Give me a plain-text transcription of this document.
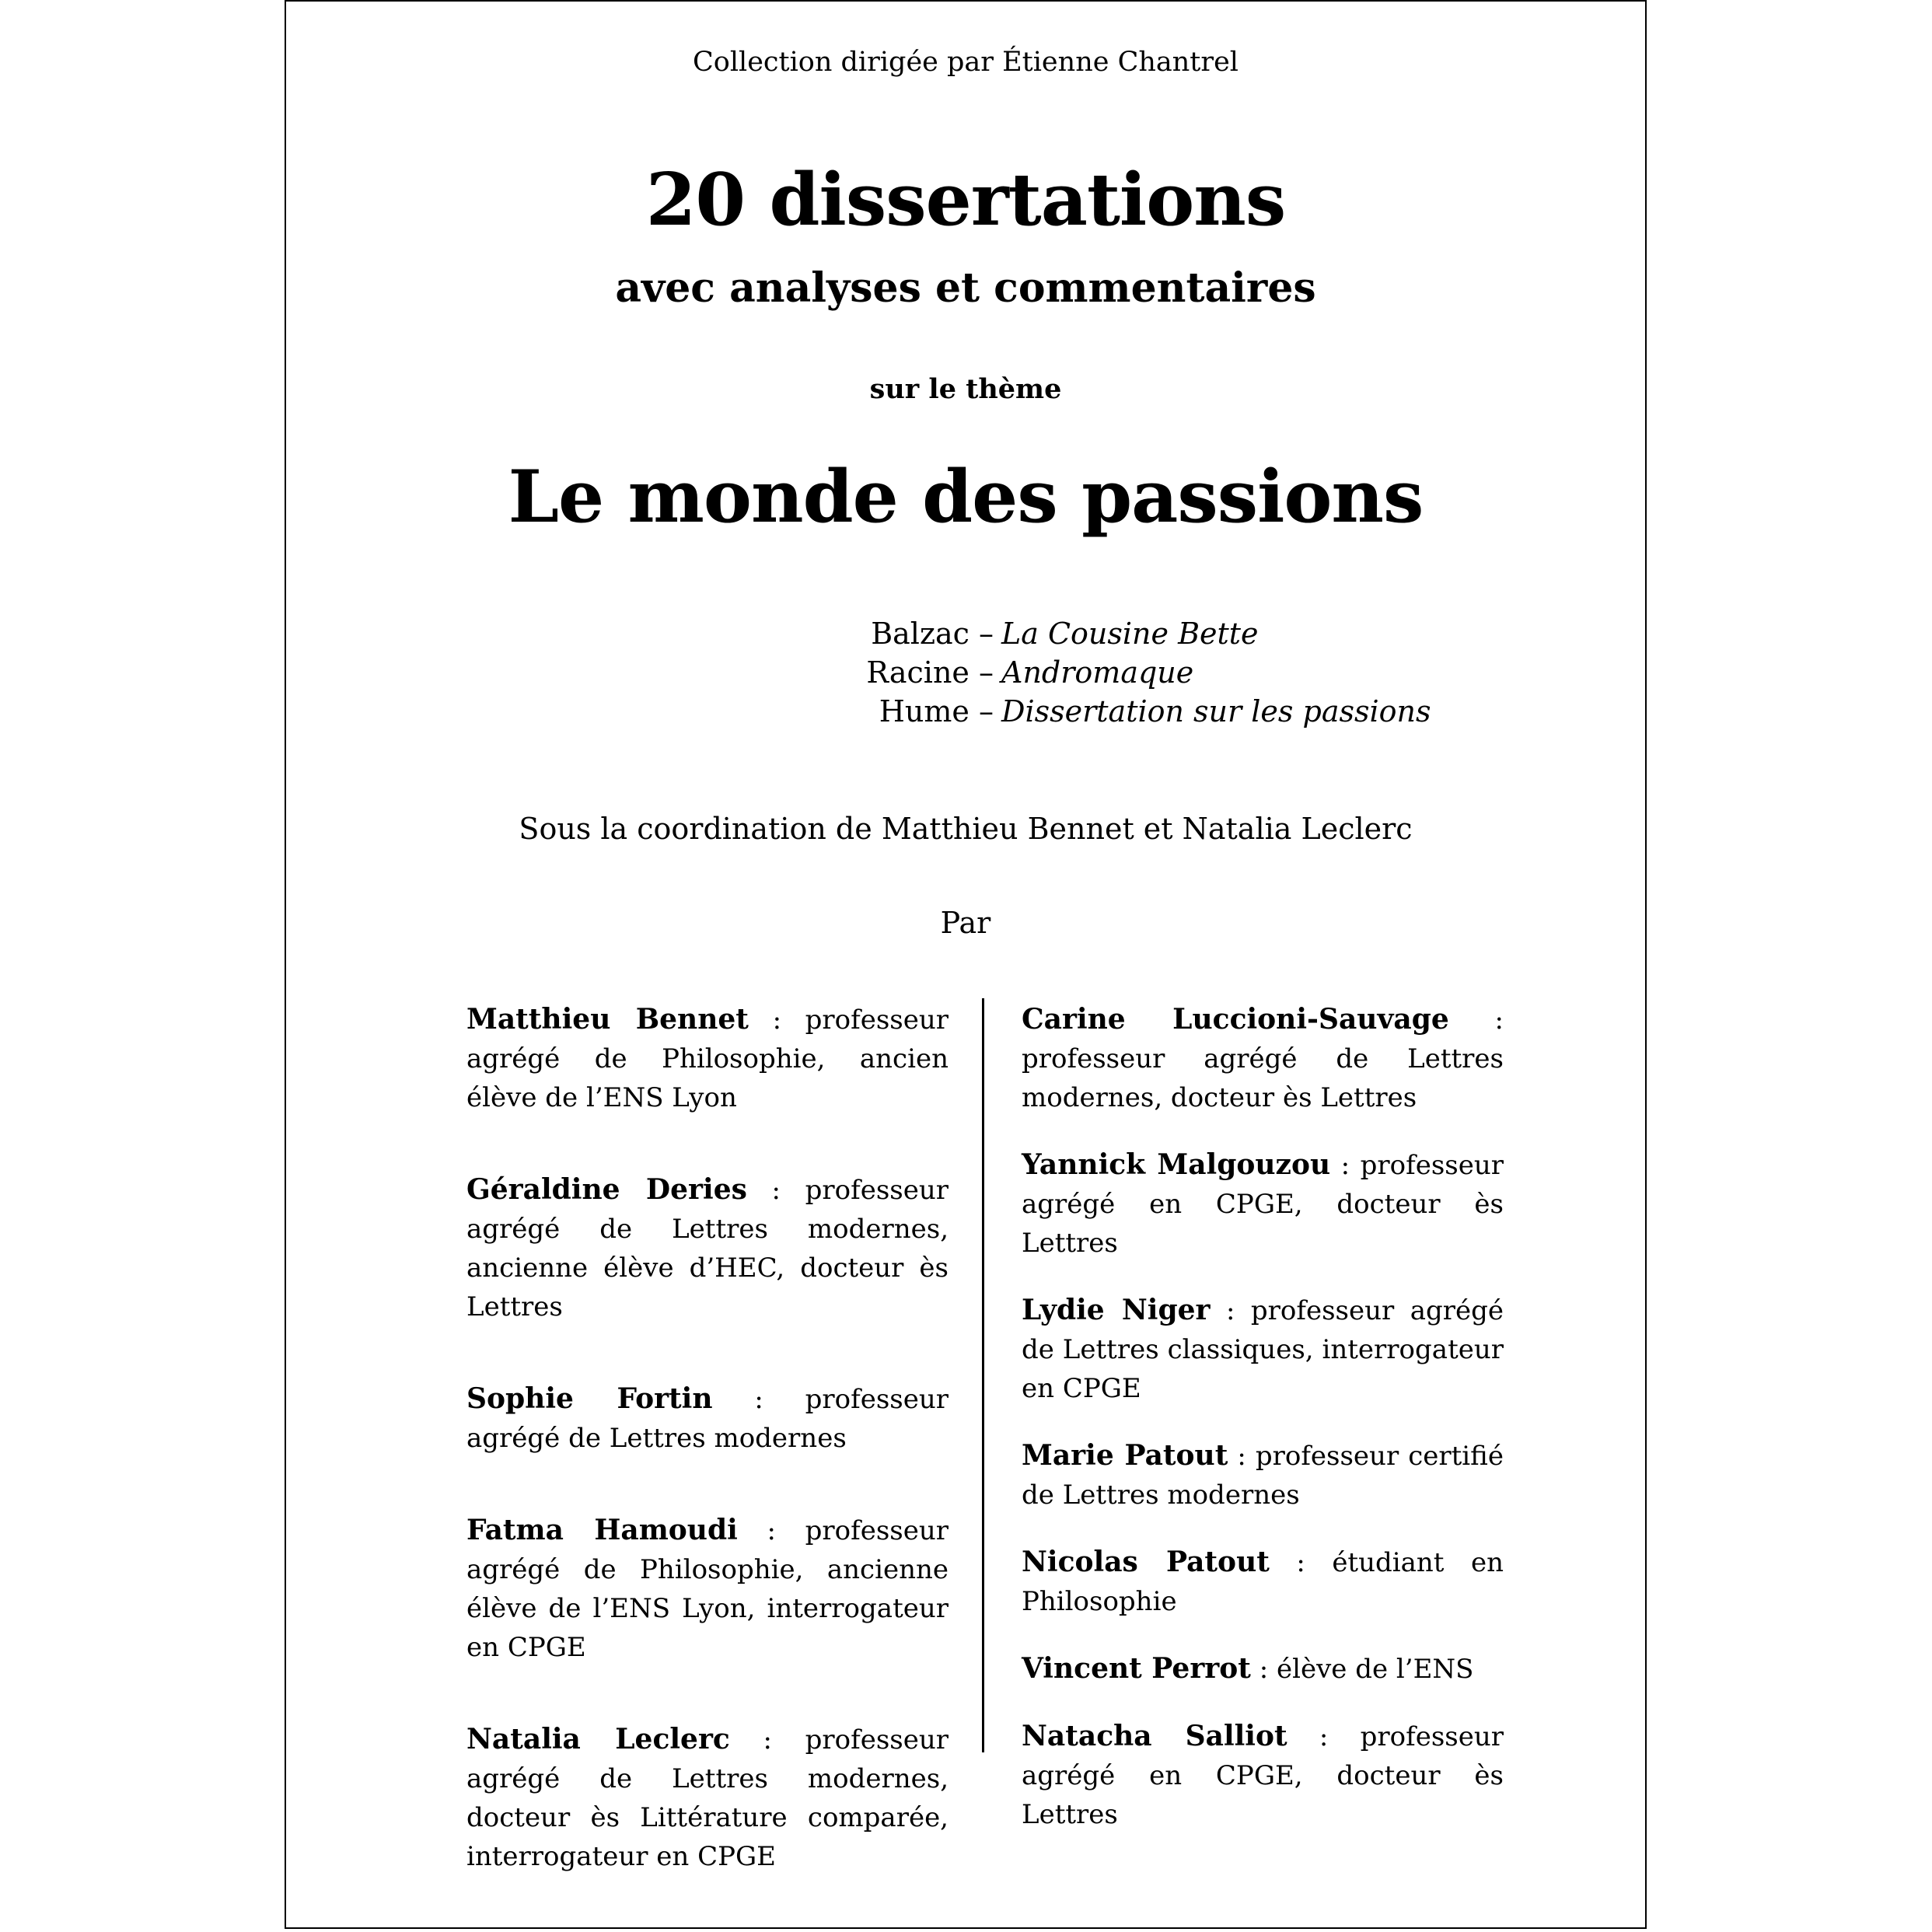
Collection dirigée par Étienne Chantrel
20 dissertations
avec analyses et commentaires
sur le thème
Le monde des passions
Balzac – La Cousine Bette
Racine – Andromaque
Hume – Dissertation sur les passions
Sous la coordination de Matthieu Bennet et Natalia Leclerc
Par

Matthieu Bennet : professeur agrégé de Philosophie, ancien élève de l’ENS Lyon

Géraldine Deries : professeur agrégé de Lettres modernes, ancienne élève d’HEC, docteur ès Lettres

Sophie Fortin : professeur agrégé de Lettres modernes

Fatma Hamoudi : professeur agrégé de Philosophie, ancienne élève de l’ENS Lyon, interrogateur en CPGE

Natalia Leclerc : professeur agrégé de Lettres modernes, docteur ès Littérature comparée, interrogateur en CPGE

Carine Luccioni-Sauvage : professeur agrégé de Lettres modernes, docteur ès Lettres

Yannick Malgouzou : professeur agrégé en CPGE, docteur ès Lettres

Lydie Niger : professeur agrégé de Lettres classiques, interrogateur en CPGE

Marie Patout : professeur certifié de Lettres modernes

Nicolas Patout : étudiant en Philosophie

Vincent Perrot : élève de l’ENS

Natacha Salliot : professeur agrégé en CPGE, docteur ès Lettres
